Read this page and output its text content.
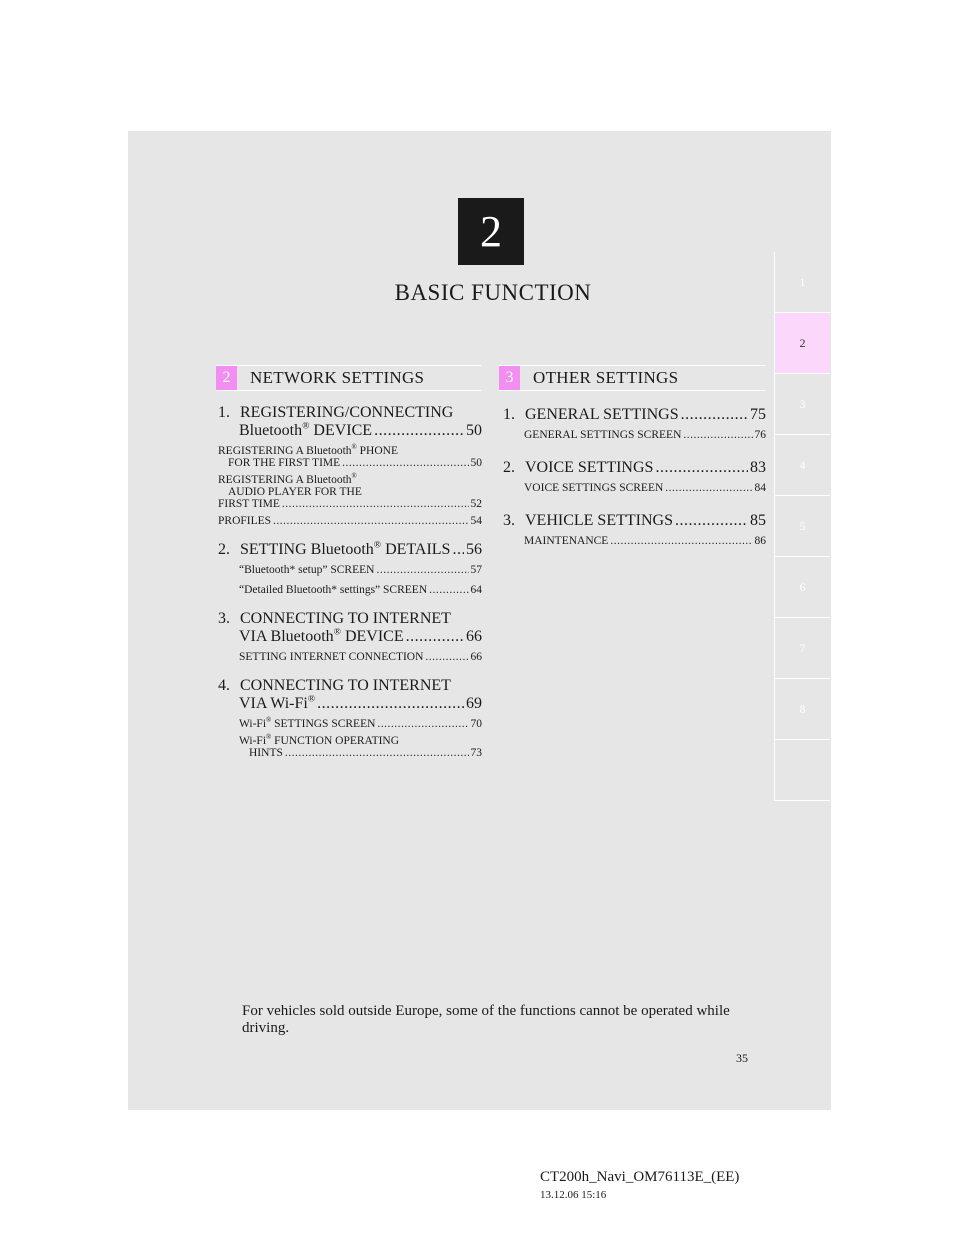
2
BASIC FUNCTION	1
2
3
4
5
6
7
8
2	NETWORK SETTINGS	3	OTHER SETTINGS
1. REGISTERING/CONNECTING
Bluetooth® DEVICE .....	50
REGISTERING A Bluetooth® PHONE
FOR THE FIRST TIME .....	50
REGISTERING A Bluetooth®
AUDIO PLAYER FOR THE
FIRST TIME .....	52
PROFILES .....	54
2. SETTING Bluetooth® DETAILS ..... 56
“Bluetooth* setup” SCREEN .....	57
“Detailed Bluetooth* settings” SCREEN .....	64
3. CONNECTING TO INTERNET
VIA Bluetooth® DEVICE .....	66
SETTING INTERNET CONNECTION .....	66
4. CONNECTING TO INTERNET
VIA Wi-Fi® .....	69
Wi-Fi® SETTINGS SCREEN .....	70
Wi-Fi® FUNCTION OPERATING
HINTS .....	73
1. GENERAL SETTINGS .....	75
GENERAL SETTINGS SCREEN .....	76
2. VOICE SETTINGS .....	83
VOICE SETTINGS SCREEN .....	84
3. VEHICLE SETTINGS .....	85
MAINTENANCE .....	86
For vehicles sold outside Europe, some of the functions cannot be operated while driving.
35
CT200h_Navi_OM76113E_(EE)
13.12.06 15:16
